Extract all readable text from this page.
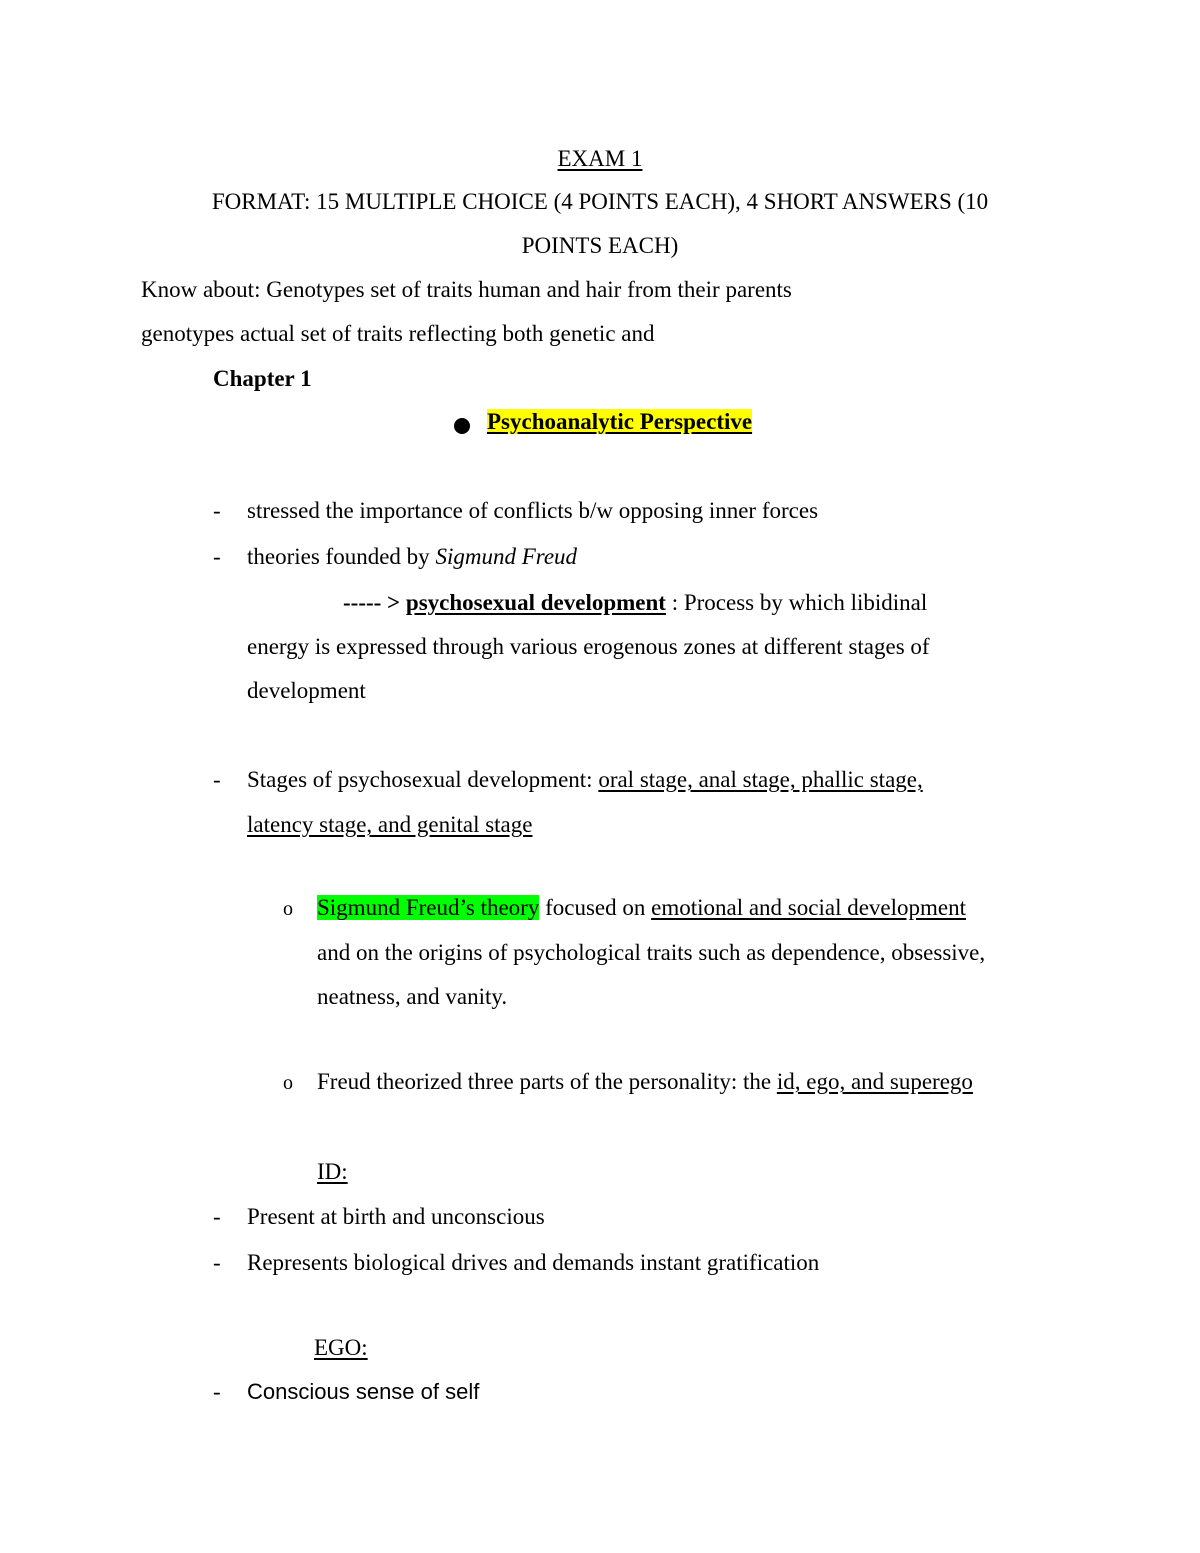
EXAM 1
FORMAT: 15 MULTIPLE CHOICE (4 POINTS EACH), 4 SHORT ANSWERS (10
POINTS EACH)
Know about: Genotypes set of traits human and hair from their parents
genotypes actual set of traits reflecting both genetic and
Chapter 1
Psychoanalytic Perspective
- stressed the importance of conflicts b/w opposing inner forces
- theories founded by Sigmund Freud
----- > psychosexual development : Process by which libidinal
energy is expressed through various erogenous zones at different stages of
development
- Stages of psychosexual development: oral stage, anal stage, phallic stage,
latency stage, and genital stage
o Sigmund Freud’s theory focused on emotional and social development
and on the origins of psychological traits such as dependence, obsessive,
neatness, and vanity.
o Freud theorized three parts of the personality: the id, ego, and superego
ID:
- Present at birth and unconscious
- Represents biological drives and demands instant gratification
EGO:
- Conscious sense of self
